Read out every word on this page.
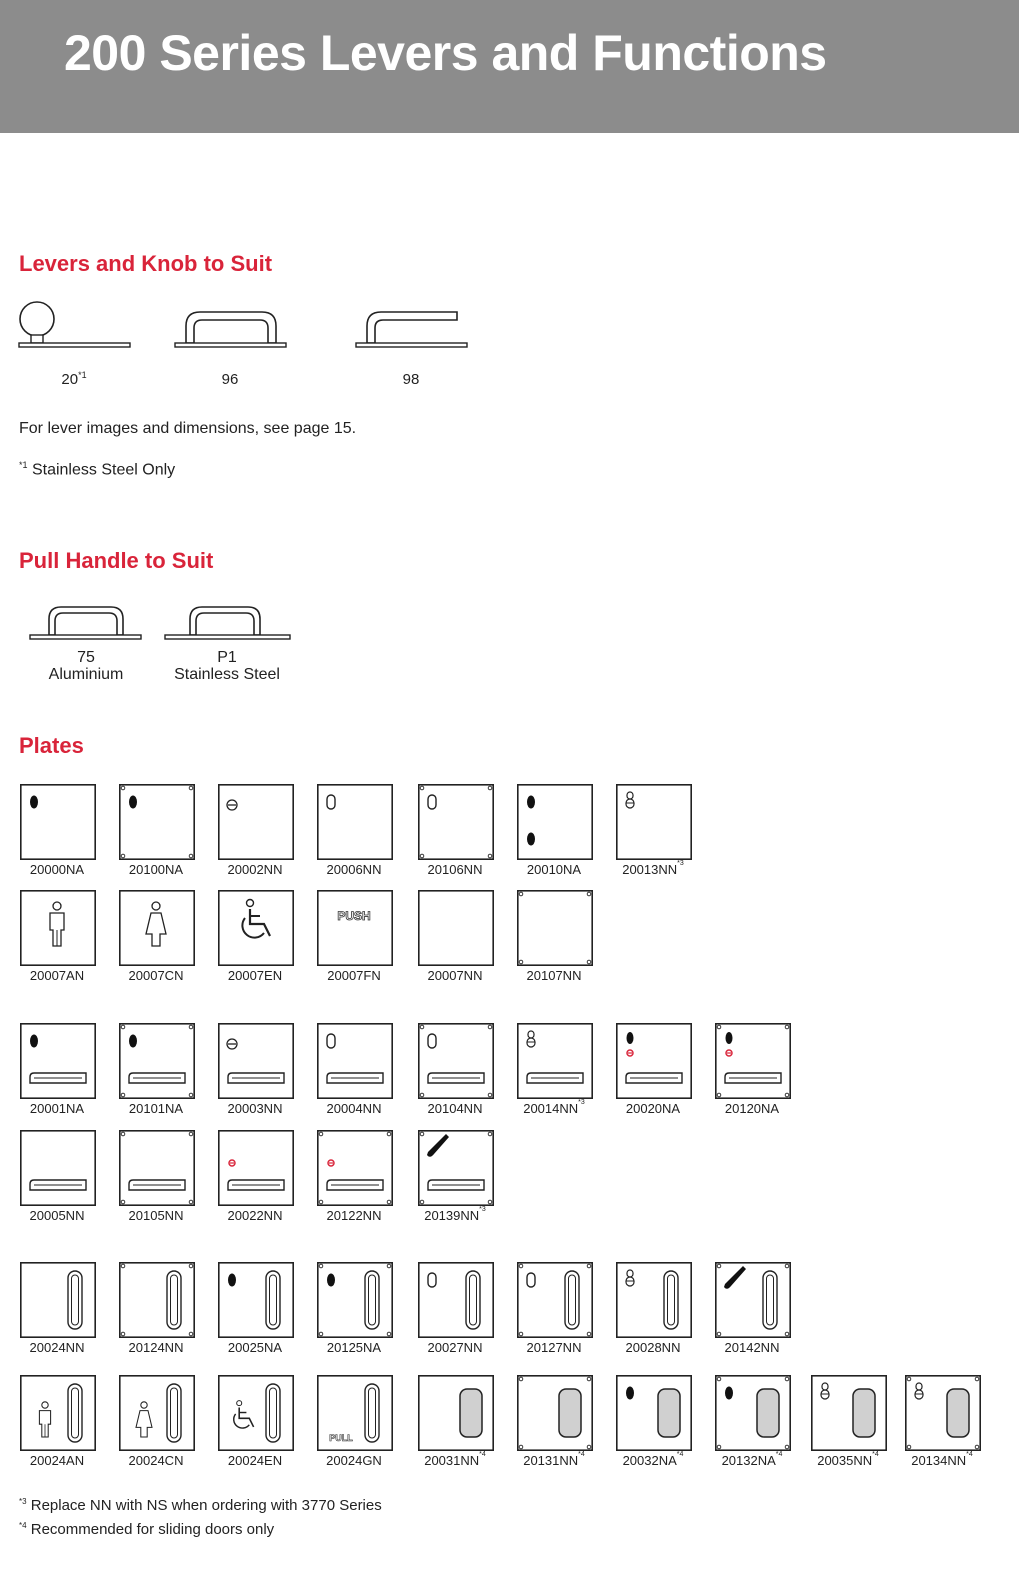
200 Series Levers and Functions
Levers and Knob to Suit
20$^{*1}$	96	98
For lever images and dimensions, see page 15.
$^{*1}$ Stainless Steel Only
Pull Handle to Suit
75
Aluminium
P1
Stainless Steel
Plates
20000NA	20100NA	20002NN	20006NN	20106NN	20010NA	20013NN$^{*3}$
20007AN	20007CN	20007EN
PUSH
20007FN	20007NN	20107NN
20001NA	20101NA	20003NN	20004NN	20104NN	20014NN$^{*3}$	20020NA	20120NA
20005NN	20105NN	20022NN	20122NN	20139NN$^{*3}$
20024NN	20124NN	20025NA	20125NA	20027NN	20127NN	20028NN	20142NN
20024AN	20024CN	20024EN
PULL
20024GN	20031NN$^{*4}$	20131NN$^{*4}$	20032NA$^{*4}$	20132NA$^{*4}$	20035NN$^{*4}$	20134NN$^{*4}$
$^{*3}$ Replace NN with NS when ordering with 3770 Series
$^{*4}$ Recommended for sliding doors only
